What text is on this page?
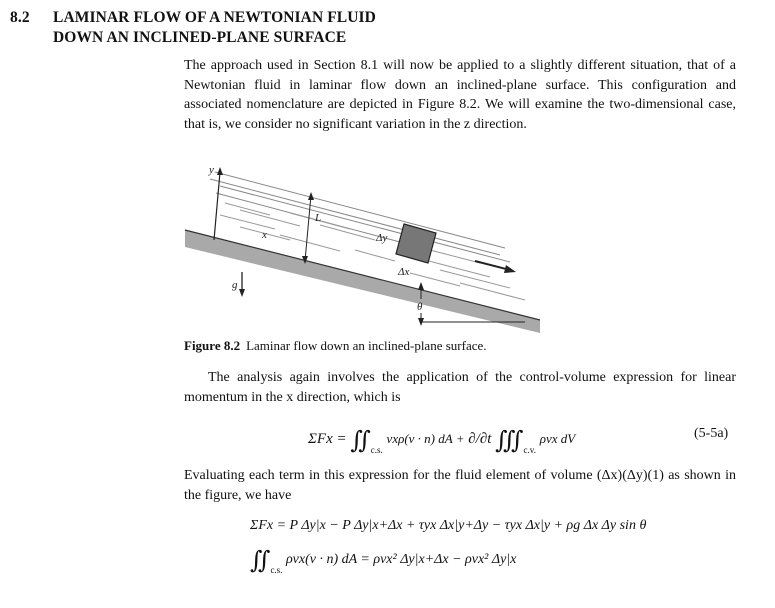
8.2 LAMINAR FLOW OF A NEWTONIAN FLUID
DOWN AN INCLINED-PLANE SURFACE

The approach used in Section 8.1 will now be applied to a slightly different situation, that of a Newtonian fluid in laminar flow down an inclined-plane surface. This configuration and associated nomenclature are depicted in Figure 8.2. We will examine the two-dimensional case, that is, we consider no significant variation in the z direction.

y
x
L
Δy
Δx
g
θ
Figure 8.2 Laminar flow down an inclined-plane surface.

The analysis again involves the application of the control-volume expression for linear momentum in the x direction, which is

$\Sigma Fx = ∬_{c.s.}$ vxρ(v · n) dA + ∂/∂t $∭_{c.v.}$ ρvx dV	(5-5a)

Evaluating each term in this expression for the fluid element of volume (Δx)(Δy)(1) as shown in the figure, we have

ΣFx = P Δy|x − P Δy|x+Δx + τyx Δx|y+Δy − τyx Δx|y + ρg Δx Δy sin θ
$∬_{c.s.}$ ρvx(v · n) dA = ρvx² Δy|x+Δx − ρvx² Δy|x
